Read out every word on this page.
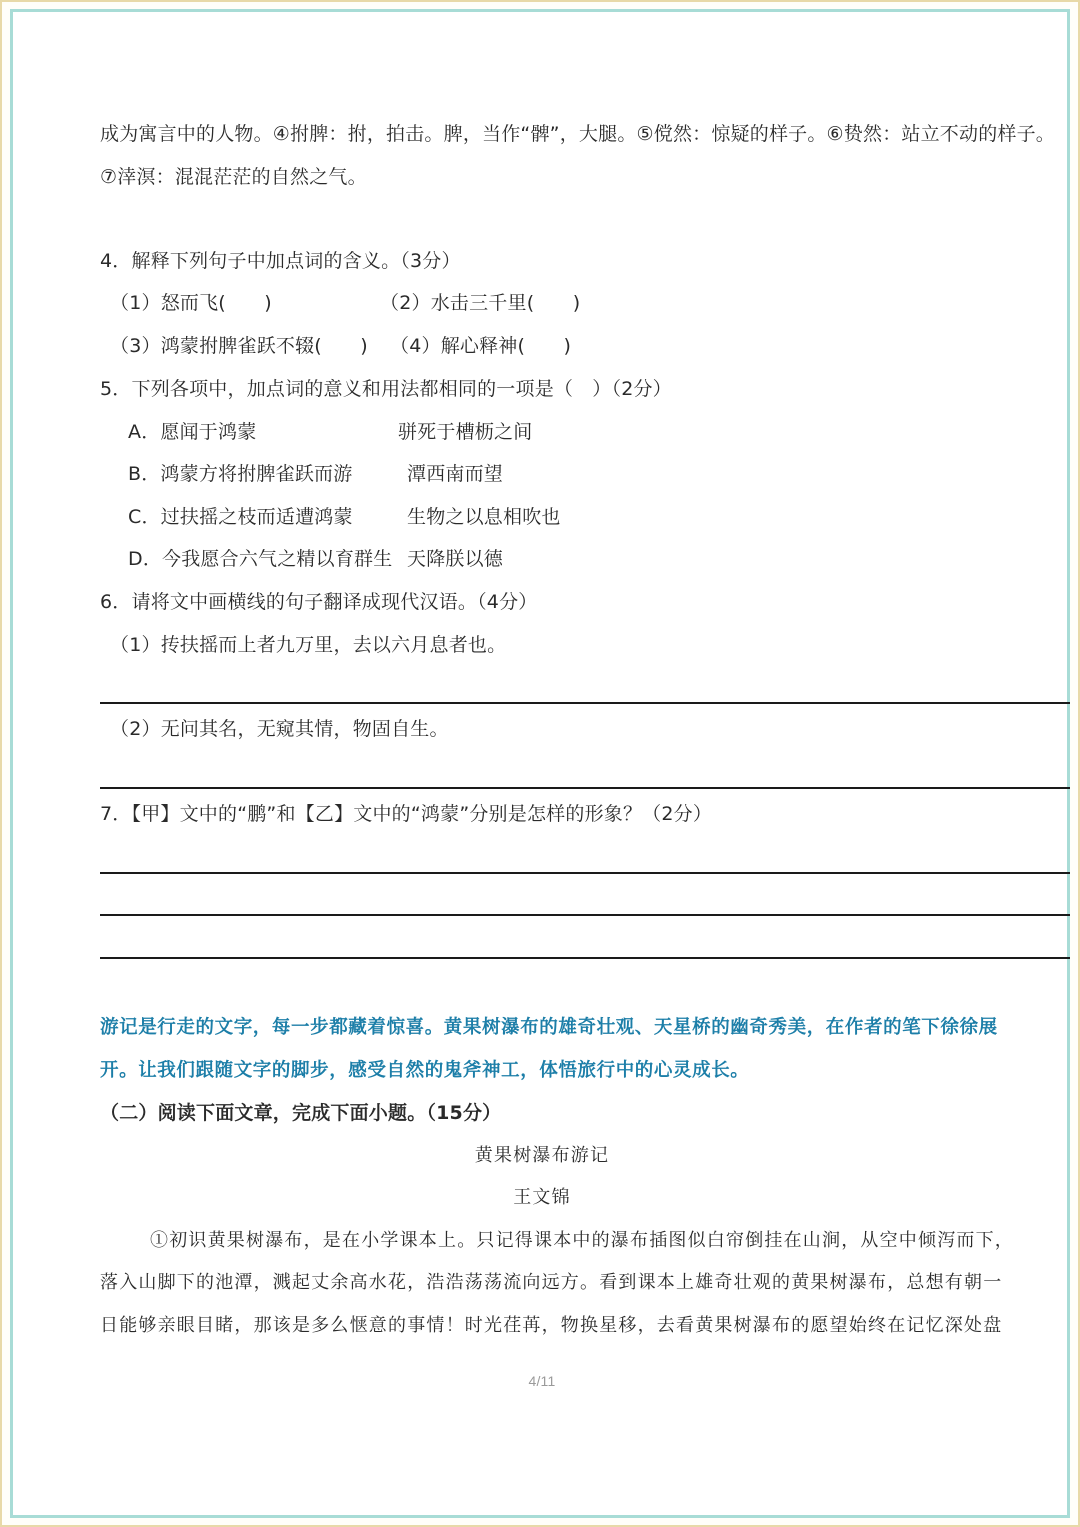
成为寓言中的人物。④拊脾：拊，拍击。脾，当作“髀”，大腿。⑤傥然：惊疑的样子。⑥贽然：站立不动的样子。
⑦涬溟：混混茫茫的自然之气。
4．解释下列句子中加点词的含义。（3分）
（1）怒而飞(　　)	（2）水击三千里(　　)
（3）鸿蒙拊脾雀跃不辍(　　) （4）解心释神(　　)
5．下列各项中，加点词的意义和用法都相同的一项是（　）（2分）
A．愿闻于鸿蒙	骈死于槽枥之间
B．鸿蒙方将拊脾雀跃而游	潭西南而望
C．过扶摇之枝而适遭鸿蒙	生物之以息相吹也
D．今我愿合六气之精以育群生 天降朕以德
6．请将文中画横线的句子翻译成现代汉语。（4分）
（1）抟扶摇而上者九万里，去以六月息者也。
（2）无问其名，无窥其情，物固自生。
7．【甲】文中的“鹏”和【乙】文中的“鸿蒙”分别是怎样的形象？（2分）
游记是行走的文字，每一步都藏着惊喜。黄果树瀑布的雄奇壮观、天星桥的幽奇秀美，在作者的笔下徐徐展
开。让我们跟随文字的脚步，感受自然的鬼斧神工，体悟旅行中的心灵成长。
（二）阅读下面文章，完成下面小题。（15分）
黄果树瀑布游记
王文锦
①初识黄果树瀑布，是在小学课本上。只记得课本中的瀑布插图似白帘倒挂在山涧，从空中倾泻而下，
落入山脚下的池潭，溅起丈余高水花，浩浩荡荡流向远方。看到课本上雄奇壮观的黄果树瀑布，总想有朝一
日能够亲眼目睹，那该是多么惬意的事情！时光荏苒，物换星移，去看黄果树瀑布的愿望始终在记忆深处盘
4/11
